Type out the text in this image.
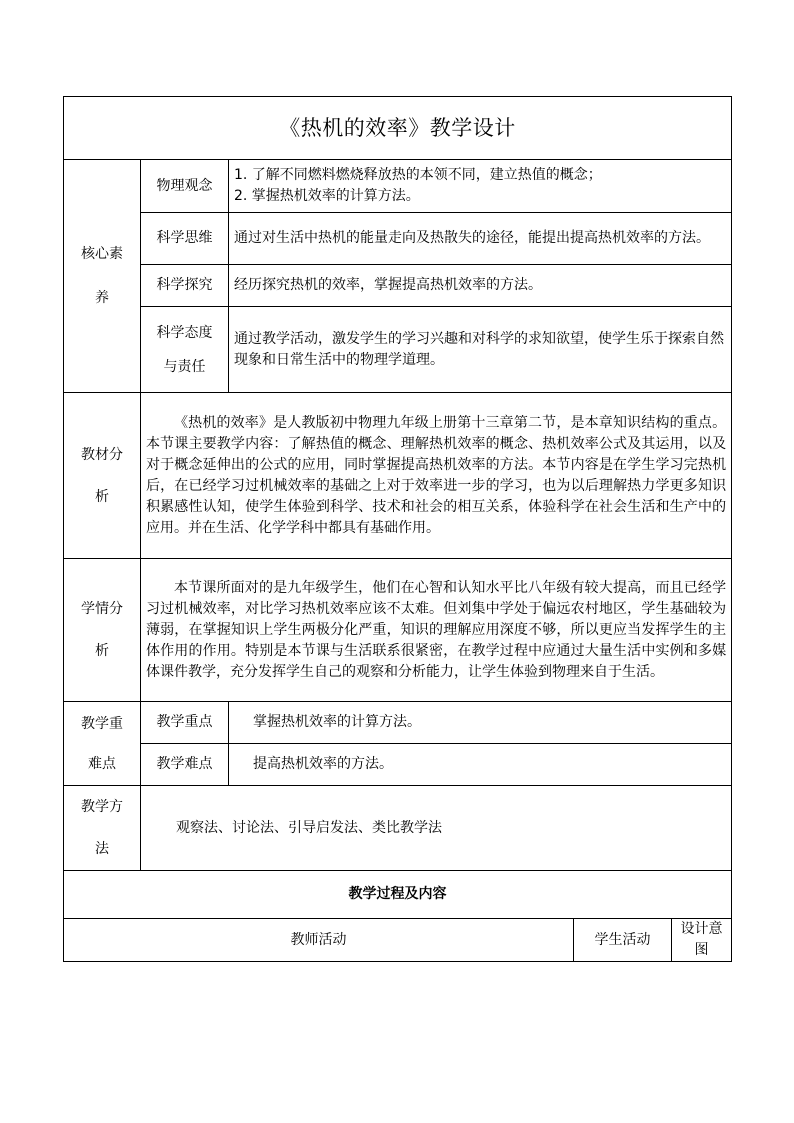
《热机的效率》教学设计				
核心素养	物理观念	1. 了解不同燃料燃烧释放热的本领不同，建立热值的概念；
2. 掌握热机效率的计算方法。		
	科学思维	通过对生活中热机的能量走向及热散失的途径，能提出提高热机效率的方法。		
	科学探究	经历探究热机的效率，掌握提高热机效率的方法。		
	科学态度与责任	通过教学活动，激发学生的学习兴趣和对科学的求知欲望，使学生乐于探索自然现象和日常生活中的物理学道理。		
教材分析	《热机的效率》是人教版初中物理九年级上册第十三章第二节，是本章知识结构的重点。本节课主要教学内容：了解热值的概念、理解热机效率的概念、热机效率公式及其运用，以及对于概念延伸出的公式的应用，同时掌握提高热机效率的方法。本节内容是在学生学习完热机后，在已经学习过机械效率的基础之上对于效率进一步的学习，也为以后理解热力学更多知识积累感性认知，使学生体验到科学、技术和社会的相互关系，体验科学在社会生活和生产中的应用。并在生活、化学学科中都具有基础作用。			
学情分析	本节课所面对的是九年级学生，他们在心智和认知水平比八年级有较大提高，而且已经学习过机械效率，对比学习热机效率应该不太难。但刘集中学处于偏远农村地区，学生基础较为薄弱，在掌握知识上学生两极分化严重，知识的理解应用深度不够，所以更应当发挥学生的主体作用的作用。特别是本节课与生活联系很紧密，在教学过程中应通过大量生活中实例和多媒体课件教学，充分发挥学生自己的观察和分析能力，让学生体验到物理来自于生活。			
教学重难点	教学重点	掌握热机效率的计算方法。		
	教学难点	提高热机效率的方法。		
教学方法	观察法、讨论法、引导启发法、类比教学法			
教学过程及内容				
教师活动			学生活动	设计意图
